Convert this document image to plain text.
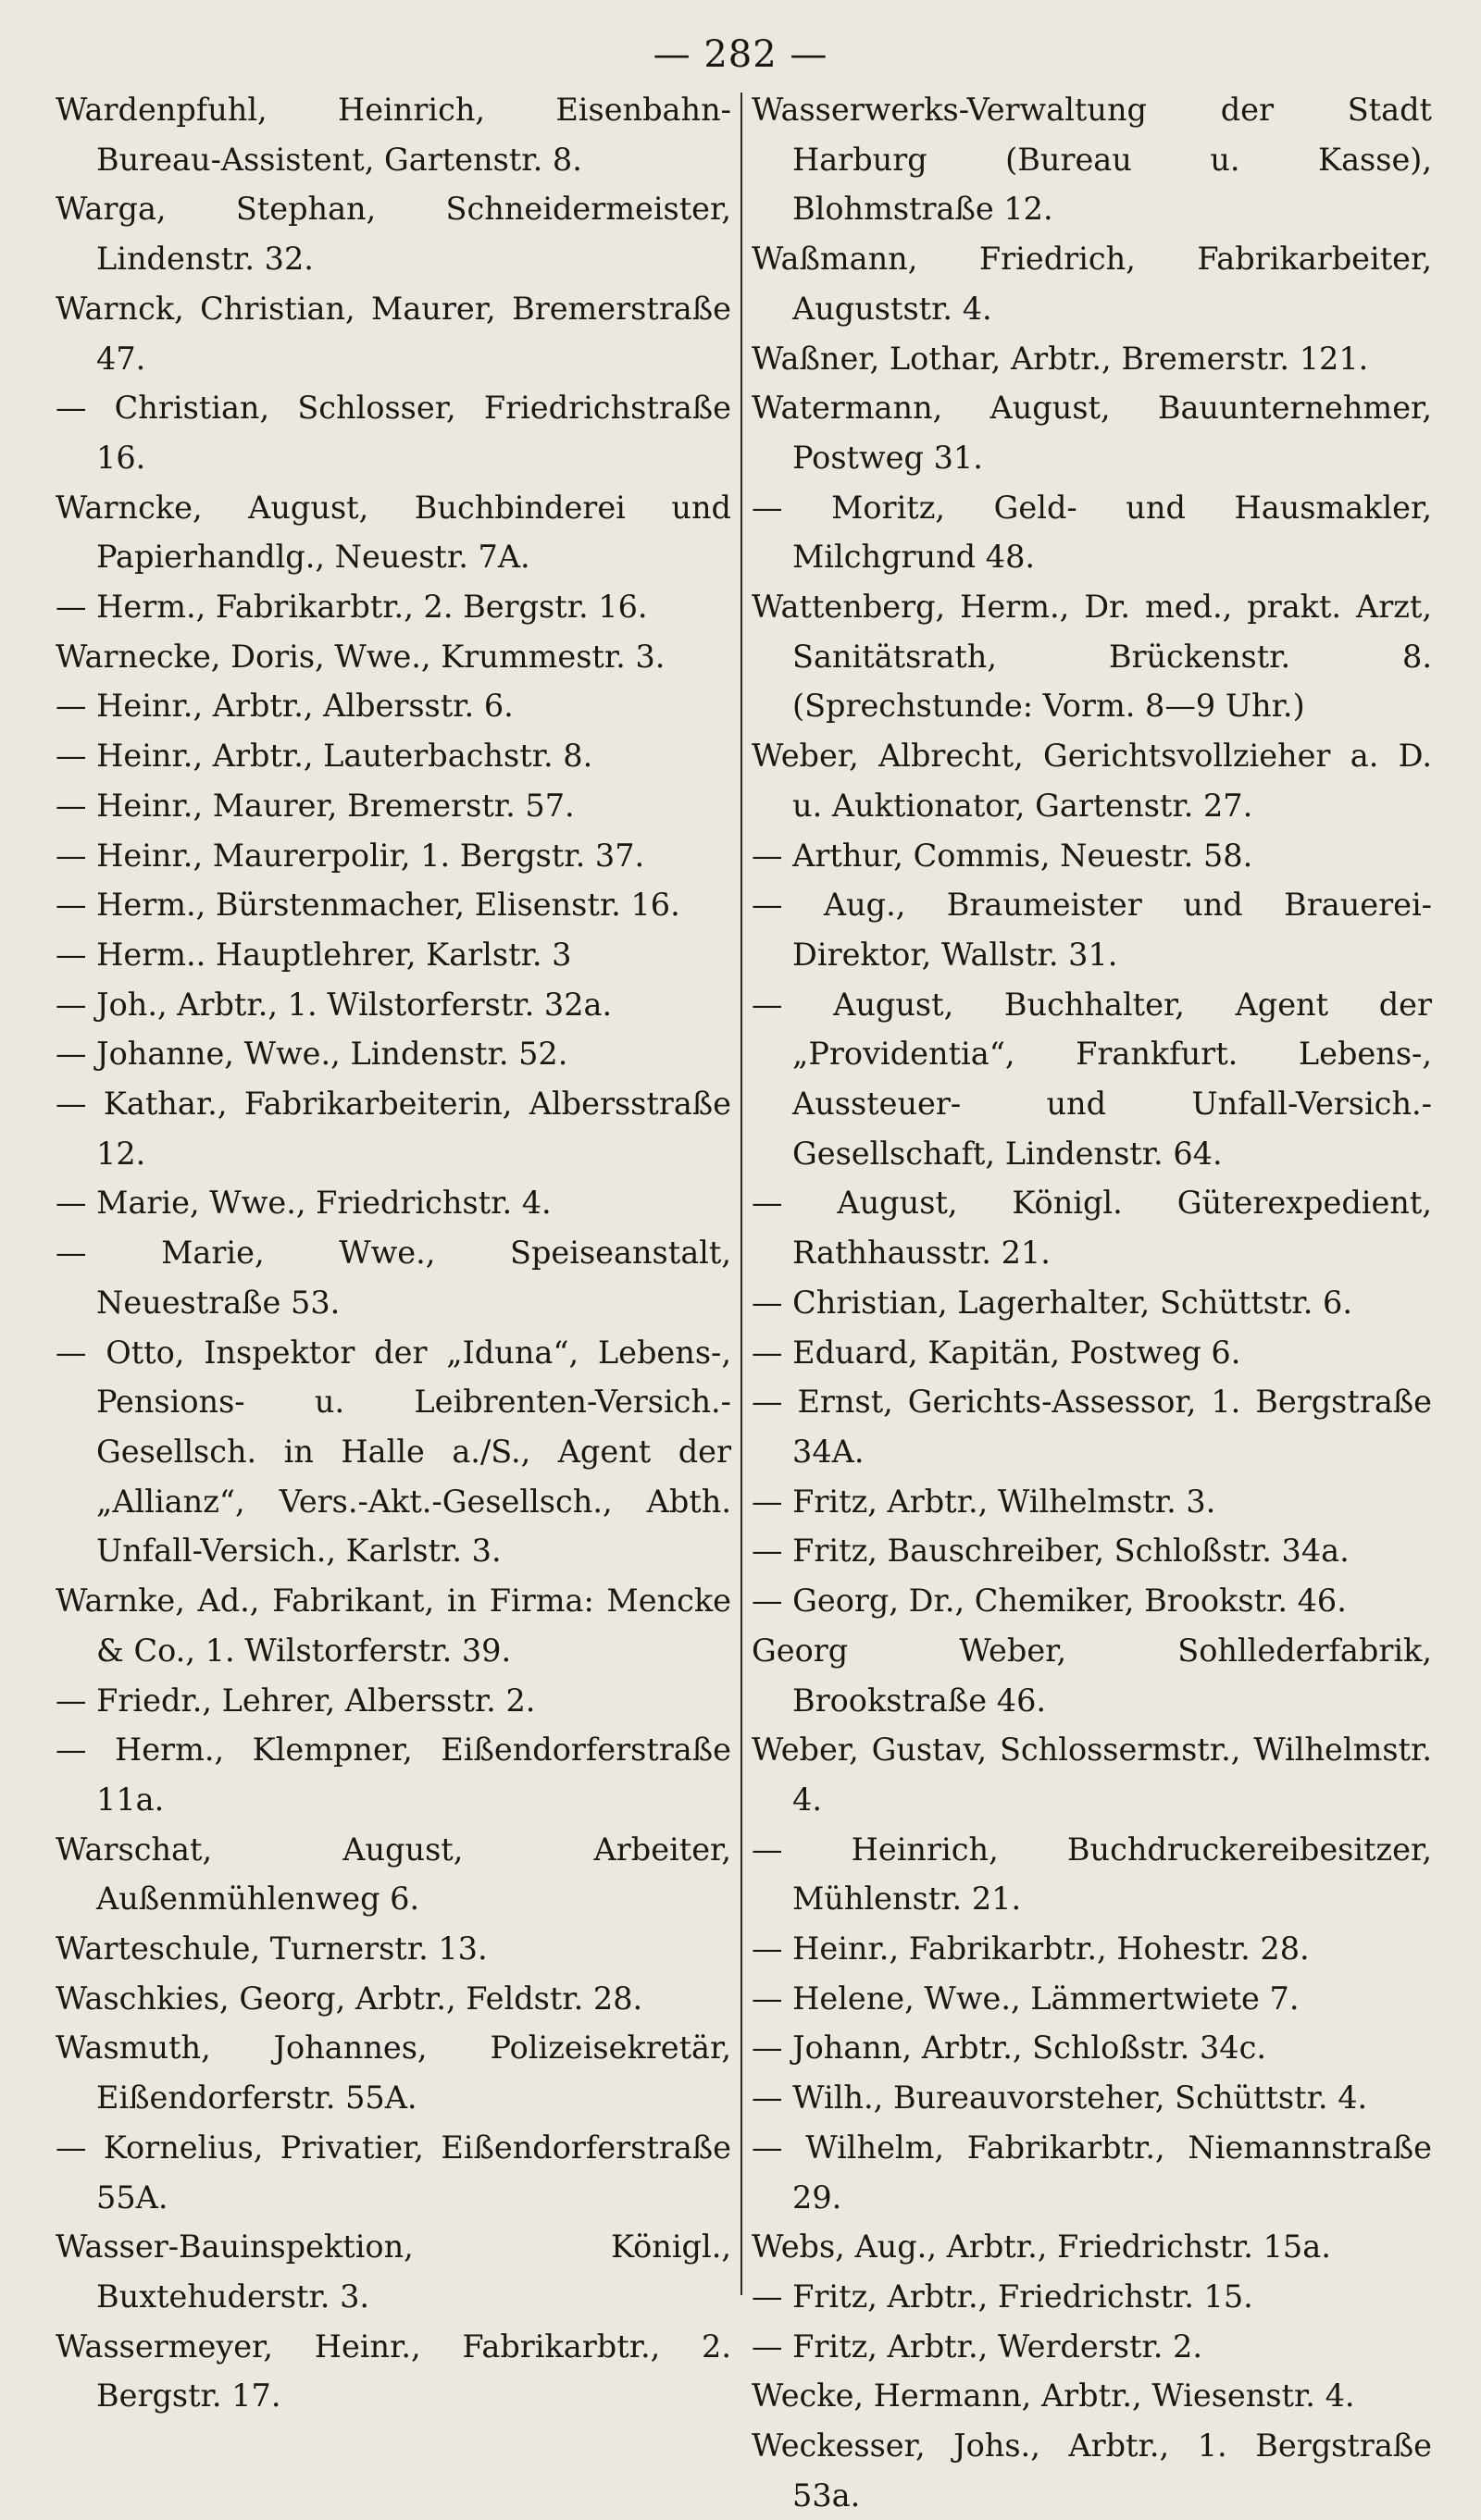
— 282 —

Wardenpfuhl, Heinrich, Eisenbahn-Bureau-Assistent, Gartenstr. 8.

Warga, Stephan, Schneidermeister, Lindenstr. 32.

Warnck, Christian, Maurer, Bremerstraße 47.

— Christian, Schlosser, Friedrichstraße 16.

Warncke, August, Buchbinderei und Papierhandlg., Neuestr. 7A.

— Herm., Fabrikarbtr., 2. Bergstr. 16.

Warnecke, Doris, Wwe., Krummestr. 3.

— Heinr., Arbtr., Albersstr. 6.

— Heinr., Arbtr., Lauterbachstr. 8.

— Heinr., Maurer, Bremerstr. 57.

— Heinr., Maurerpolir, 1. Bergstr. 37.

— Herm., Bürstenmacher, Elisenstr. 16.

— Herm.. Hauptlehrer, Karlstr. 3

— Joh., Arbtr., 1. Wilstorferstr. 32a.

— Johanne, Wwe., Lindenstr. 52.

— Kathar., Fabrikarbeiterin, Albersstraße 12.

— Marie, Wwe., Friedrichstr. 4.

— Marie, Wwe., Speiseanstalt, Neuestraße 53.

— Otto, Inspektor der „Iduna“, Lebens-, Pensions- u. Leibrenten-Versich.-Gesellsch. in Halle a./S., Agent der „Allianz“, Vers.-Akt.-Gesellsch., Abth. Unfall-Versich., Karlstr. 3.

Warnke, Ad., Fabrikant, in Firma: Mencke & Co., 1. Wilstorferstr. 39.

— Friedr., Lehrer, Albersstr. 2.

— Herm., Klempner, Eißendorferstraße 11a.

Warschat, August, Arbeiter, Außenmühlenweg 6.

Warteschule, Turnerstr. 13.

Waschkies, Georg, Arbtr., Feldstr. 28.

Wasmuth, Johannes, Polizeisekretär, Eißendorferstr. 55A.

— Kornelius, Privatier, Eißendorferstraße 55A.

Wasser-Bauinspektion, Königl., Buxtehuderstr. 3.

Wassermeyer, Heinr., Fabrikarbtr., 2. Bergstr. 17.

Wasserwerks-Verwaltung der Stadt Harburg (Bureau u. Kasse), Blohmstraße 12.

Waßmann, Friedrich, Fabrikarbeiter, Auguststr. 4.

Waßner, Lothar, Arbtr., Bremerstr. 121.

Watermann, August, Bauunternehmer, Postweg 31.

— Moritz, Geld- und Hausmakler, Milchgrund 48.

Wattenberg, Herm., Dr. med., prakt. Arzt, Sanitätsrath, Brückenstr. 8. (Sprechstunde: Vorm. 8—9 Uhr.)

Weber, Albrecht, Gerichtsvollzieher a. D. u. Auktionator, Gartenstr. 27.

— Arthur, Commis, Neuestr. 58.

— Aug., Braumeister und Brauerei-Direktor, Wallstr. 31.

— August, Buchhalter, Agent der „Providentia“, Frankfurt. Lebens-, Aussteuer- und Unfall-Versich.-Gesellschaft, Lindenstr. 64.

— August, Königl. Güterexpedient, Rathhausstr. 21.

— Christian, Lagerhalter, Schüttstr. 6.

— Eduard, Kapitän, Postweg 6.

— Ernst, Gerichts-Assessor, 1. Bergstraße 34A.

— Fritz, Arbtr., Wilhelmstr. 3.

— Fritz, Bauschreiber, Schloßstr. 34a.

— Georg, Dr., Chemiker, Brookstr. 46.

Georg Weber, Sohllederfabrik, Brookstraße 46.

Weber, Gustav, Schlossermstr., Wilhelmstr. 4.

— Heinrich, Buchdruckereibesitzer, Mühlenstr. 21.

— Heinr., Fabrikarbtr., Hohestr. 28.

— Helene, Wwe., Lämmertwiete 7.

— Johann, Arbtr., Schloßstr. 34c.

— Wilh., Bureauvorsteher, Schüttstr. 4.

— Wilhelm, Fabrikarbtr., Niemannstraße 29.

Webs, Aug., Arbtr., Friedrichstr. 15a.

— Fritz, Arbtr., Friedrichstr. 15.

— Fritz, Arbtr., Werderstr. 2.

Wecke, Hermann, Arbtr., Wiesenstr. 4.

Weckesser, Johs., Arbtr., 1. Bergstraße 53a.
